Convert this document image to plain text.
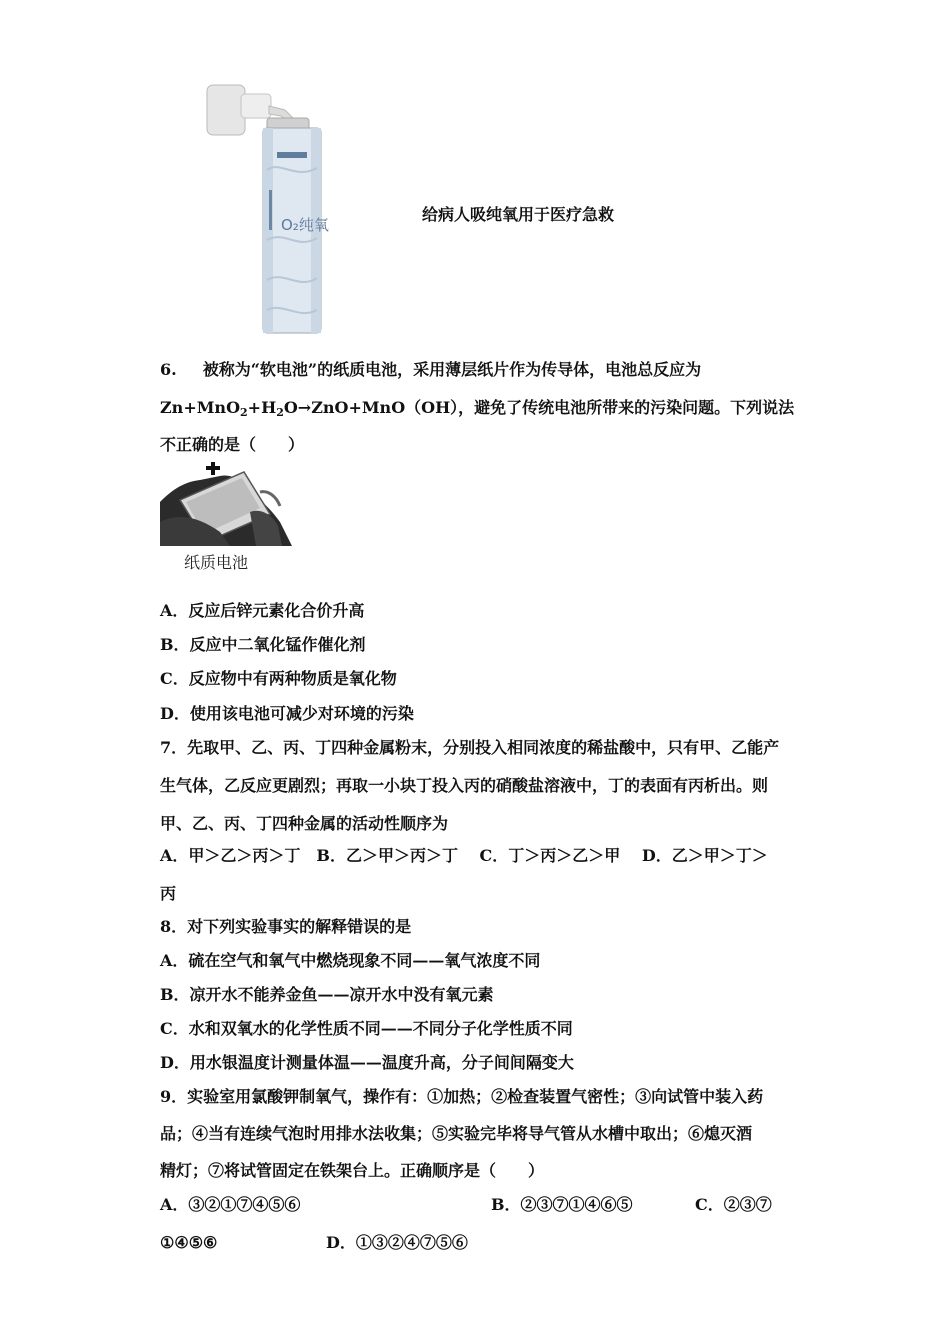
O₂纯氧
给病人吸纯氧用于医疗急救
6. 被称为“软电池”的纸质电池，采用薄层纸片作为传导体，电池总反应为
$Zn+MnO_2+H_2O\to ZnO+MnO(OH)$，避免了传统电池所带来的污染问题。下列说法
不正确的是（　　）
纸质电池
A．反应后锌元素化合价升高
B．反应中二氧化锰作催化剂
C．反应物中有两种物质是氧化物
D．使用该电池可减少对环境的污染
7．先取甲、乙、丙、丁四种金属粉末，分别投入相同浓度的稀盐酸中，只有甲、乙能产
生气体，乙反应更剧烈；再取一小块丁投入丙的硝酸盐溶液中，丁的表面有丙析出。则
甲、乙、丙、丁四种金属的活动性顺序为
A．甲＞乙＞丙＞丁　B．乙＞甲＞丙＞丁　 C．丁＞丙＞乙＞甲　 D．乙＞甲＞丁＞
丙
8．对下列实验事实的解释错误的是
A．硫在空气和氧气中燃烧现象不同——氧气浓度不同
B．凉开水不能养金鱼——凉开水中没有氧元素
C．水和双氧水的化学性质不同——不同分子化学性质不同
D．用水银温度计测量体温——温度升高，分子间间隔变大
9．实验室用氯酸钾制氧气，操作有：①加热；②检查装置气密性；③向试管中装入药
品；④当有连续气泡时用排水法收集；⑤实验完毕将导气管从水槽中取出；⑥熄灭酒
精灯；⑦将试管固定在铁架台上。正确顺序是（　　）
A．③②①⑦④⑤⑥	B．②③⑦①④⑥⑤	C．②③⑦
①④⑤⑥	D．①③②④⑦⑤⑥
